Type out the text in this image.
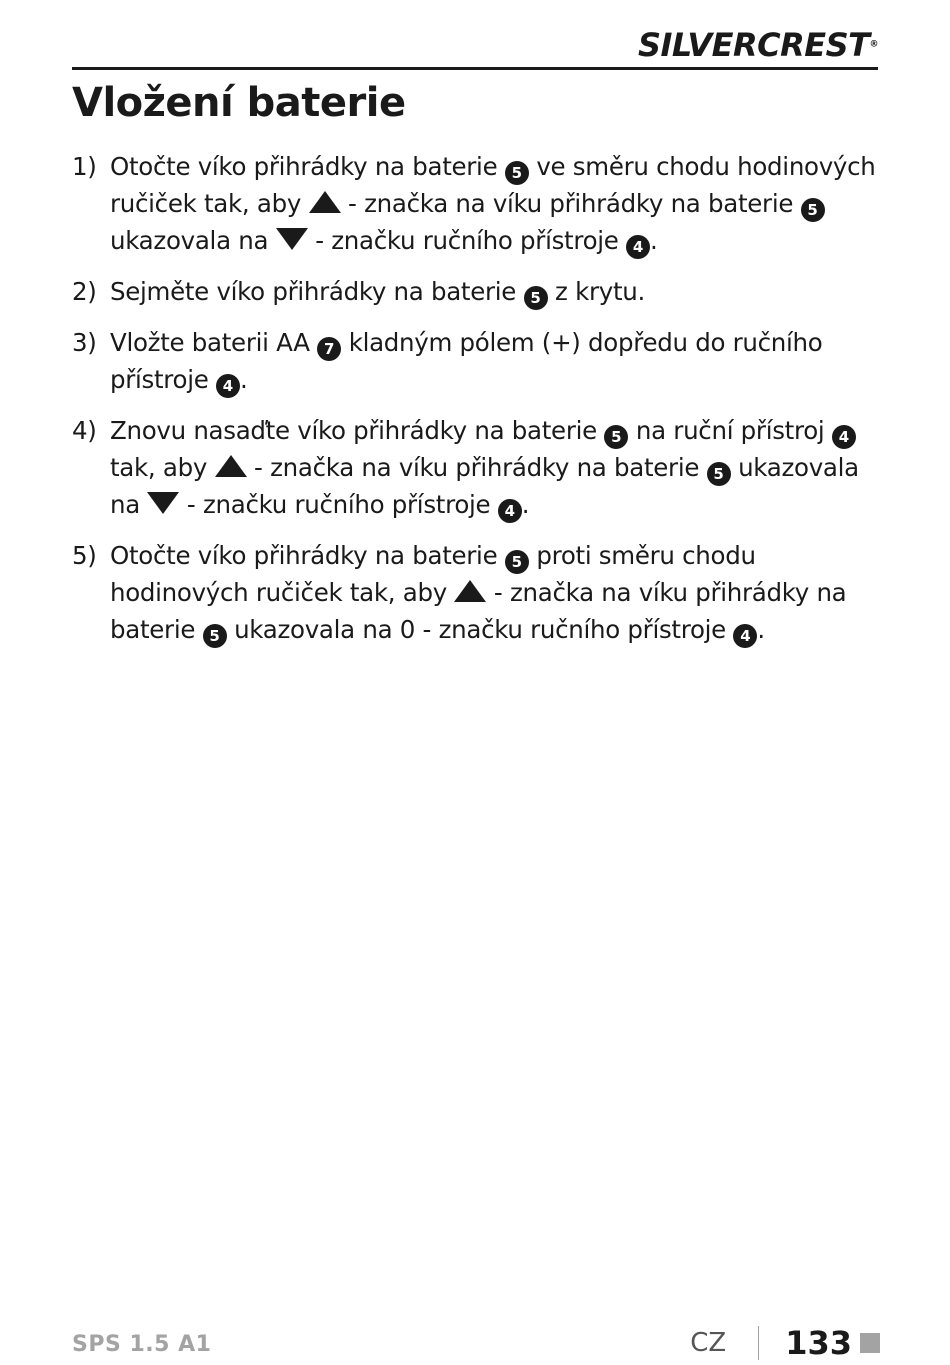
SILVERCREST®
Vložení baterie
1) Otočte víko přihrádky na baterie 5 ve směru chodu hodinových ručiček tak, aby  - značka na víku přihrádky na baterie 5 ukazovala na  - značku ručního přístroje 4 .
2) Sejměte víko přihrádky na baterie 5 z krytu.
3) Vložte baterii AA 7 kladným pólem (+) dopředu do ručního přístroje 4 .
4) Znovu nasaďte víko přihrádky na baterie 5 na ruční přístroj 4 tak, aby  - značka na víku přihrádky na baterie 5 ukazovala na  - značku ručního přístroje 4 .
5) Otočte víko přihrádky na baterie 5 proti směru chodu hodinových ručiček tak, aby  - značka na víku přihrádky na baterie 5 ukazovala na 0 - značku ručního přístroje 4 .
SPS 1.5 A1	CZ 133
